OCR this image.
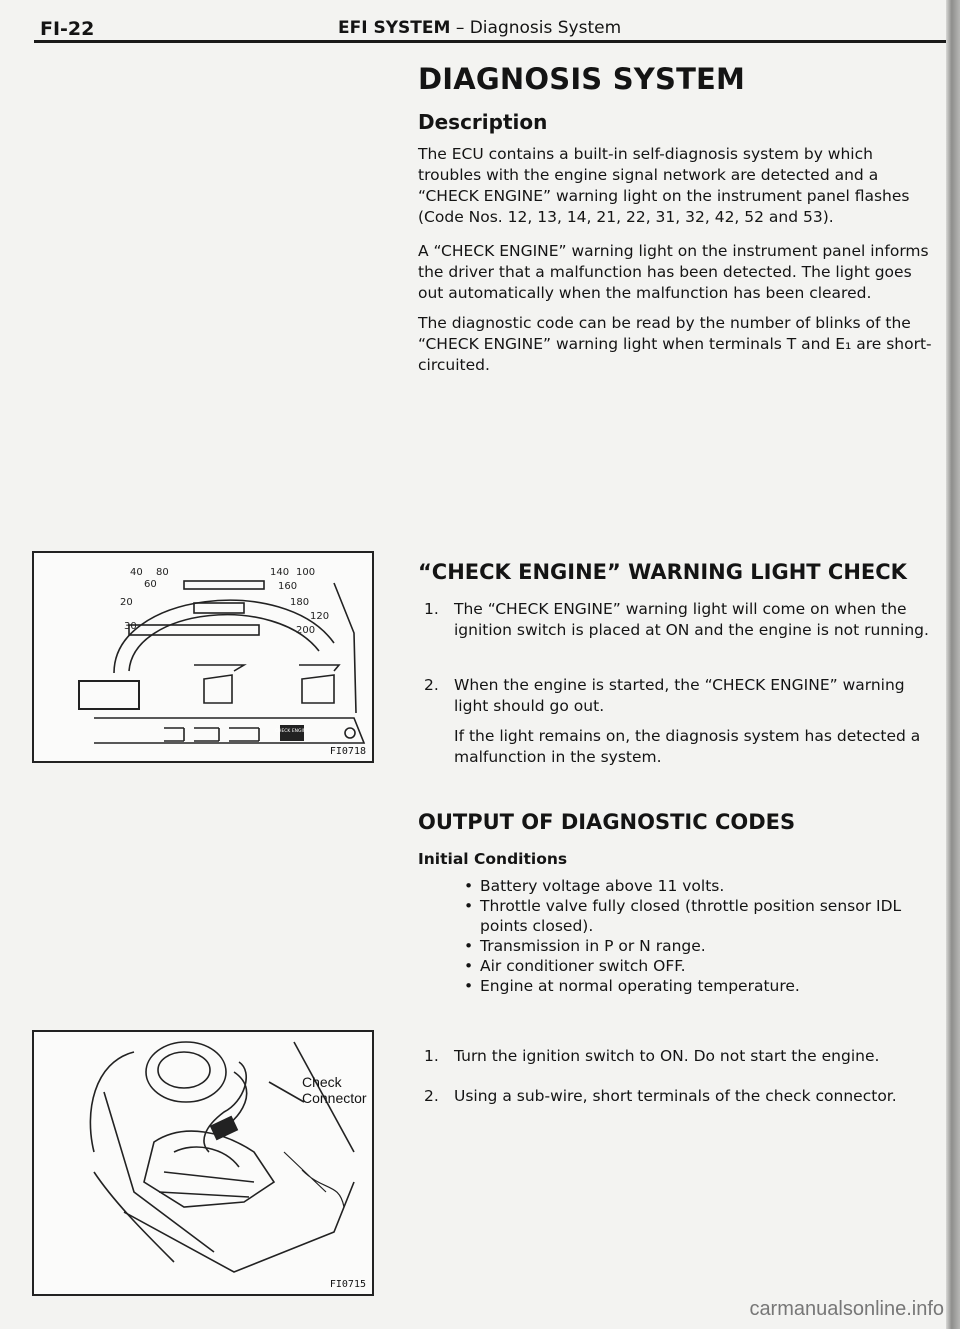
FI-22	EFI SYSTEM – Diagnosis System
DIAGNOSIS SYSTEM
Description

The ECU contains a built-in self-diagnosis system by which troubles with the engine signal network are detected and a “CHECK ENGINE” warning light on the instrument panel flashes (Code Nos. 12, 13, 14, 21, 22, 31, 32, 42, 52 and 53).

A “CHECK ENGINE” warning light on the instrument panel informs the driver that a malfunction has been detected. The light goes out automatically when the malfunction has been cleared.

The diagnostic code can be read by the number of blinks of the “CHECK ENGINE” warning light when terminals T and E₁ are short-circuited.

CHECK ENGINE
40
60
80	100
120
140
160
180
200
20
30
FI0718
“CHECK ENGINE” WARNING LIGHT CHECK
1. The “CHECK ENGINE” warning light will come on when the ignition switch is placed at ON and the engine is not running.
2. When the engine is started, the “CHECK ENGINE” warning light should go out.
If the light remains on, the diagnosis system has detected a malfunction in the system.
OUTPUT OF DIAGNOSTIC CODES
Initial Conditions
• Battery voltage above 11 volts.
• Throttle valve fully closed (throttle position sensor IDL points closed).
• Transmission in P or N range.
• Air conditioner switch OFF.
• Engine at normal operating temperature.
Check Connector
FI0715
1. Turn the ignition switch to ON. Do not start the engine.
2. Using a sub-wire, short terminals of the check connector.
carmanualsonline.info
